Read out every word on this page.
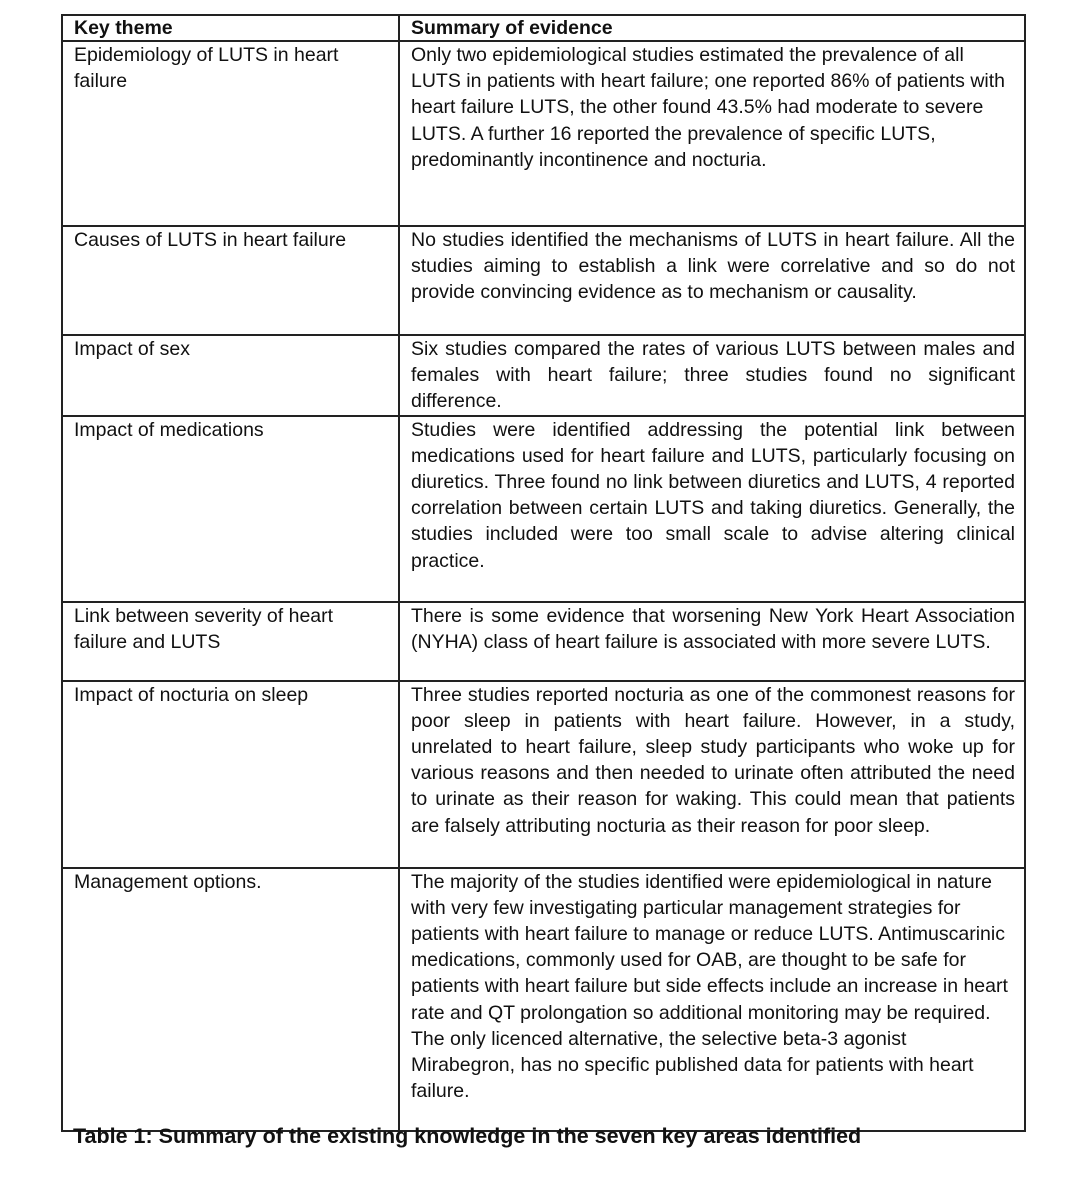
Key theme	Summary of evidence
Epidemiology of LUTS in heart failure	Only two epidemiological studies estimated the prevalence of all LUTS in patients with heart failure; one reported 86% of patients with heart failure LUTS, the other found 43.5% had moderate to severe LUTS. A further 16 reported the prevalence of specific LUTS, predominantly incontinence and nocturia.
Causes of LUTS in heart failure	No studies identified the mechanisms of LUTS in heart failure. All the studies aiming to establish a link were correlative and so do not provide convincing evidence as to mechanism or causality.
Impact of sex	Six studies compared the rates of various LUTS between males and females with heart failure; three studies found no significant difference.
Impact of medications	Studies were identified addressing the potential link between medications used for heart failure and LUTS, particularly focusing on diuretics. Three found no link between diuretics and LUTS, 4 reported correlation between certain LUTS and taking diuretics. Generally, the studies included were too small scale to advise altering clinical practice.
Link between severity of heart failure and LUTS	There is some evidence that worsening New York Heart Association (NYHA) class of heart failure is associated with more severe LUTS.
Impact of nocturia on sleep	Three studies reported nocturia as one of the commonest reasons for poor sleep in patients with heart failure. However, in a study, unrelated to heart failure, sleep study participants who woke up for various reasons and then needed to urinate often attributed the need to urinate as their reason for waking. This could mean that patients are falsely attributing nocturia as their reason for poor sleep.
Management options.	The majority of the studies identified were epidemiological in nature with very few investigating particular management strategies for patients with heart failure to manage or reduce LUTS. Antimuscarinic medications, commonly used for OAB, are thought to be safe for patients with heart failure but side effects include an increase in heart rate and QT prolongation so additional monitoring may be required. The only licenced alternative, the selective beta-3 agonist Mirabegron, has no specific published data for patients with heart failure.
Table 1: Summary of the existing knowledge in the seven key areas identified
